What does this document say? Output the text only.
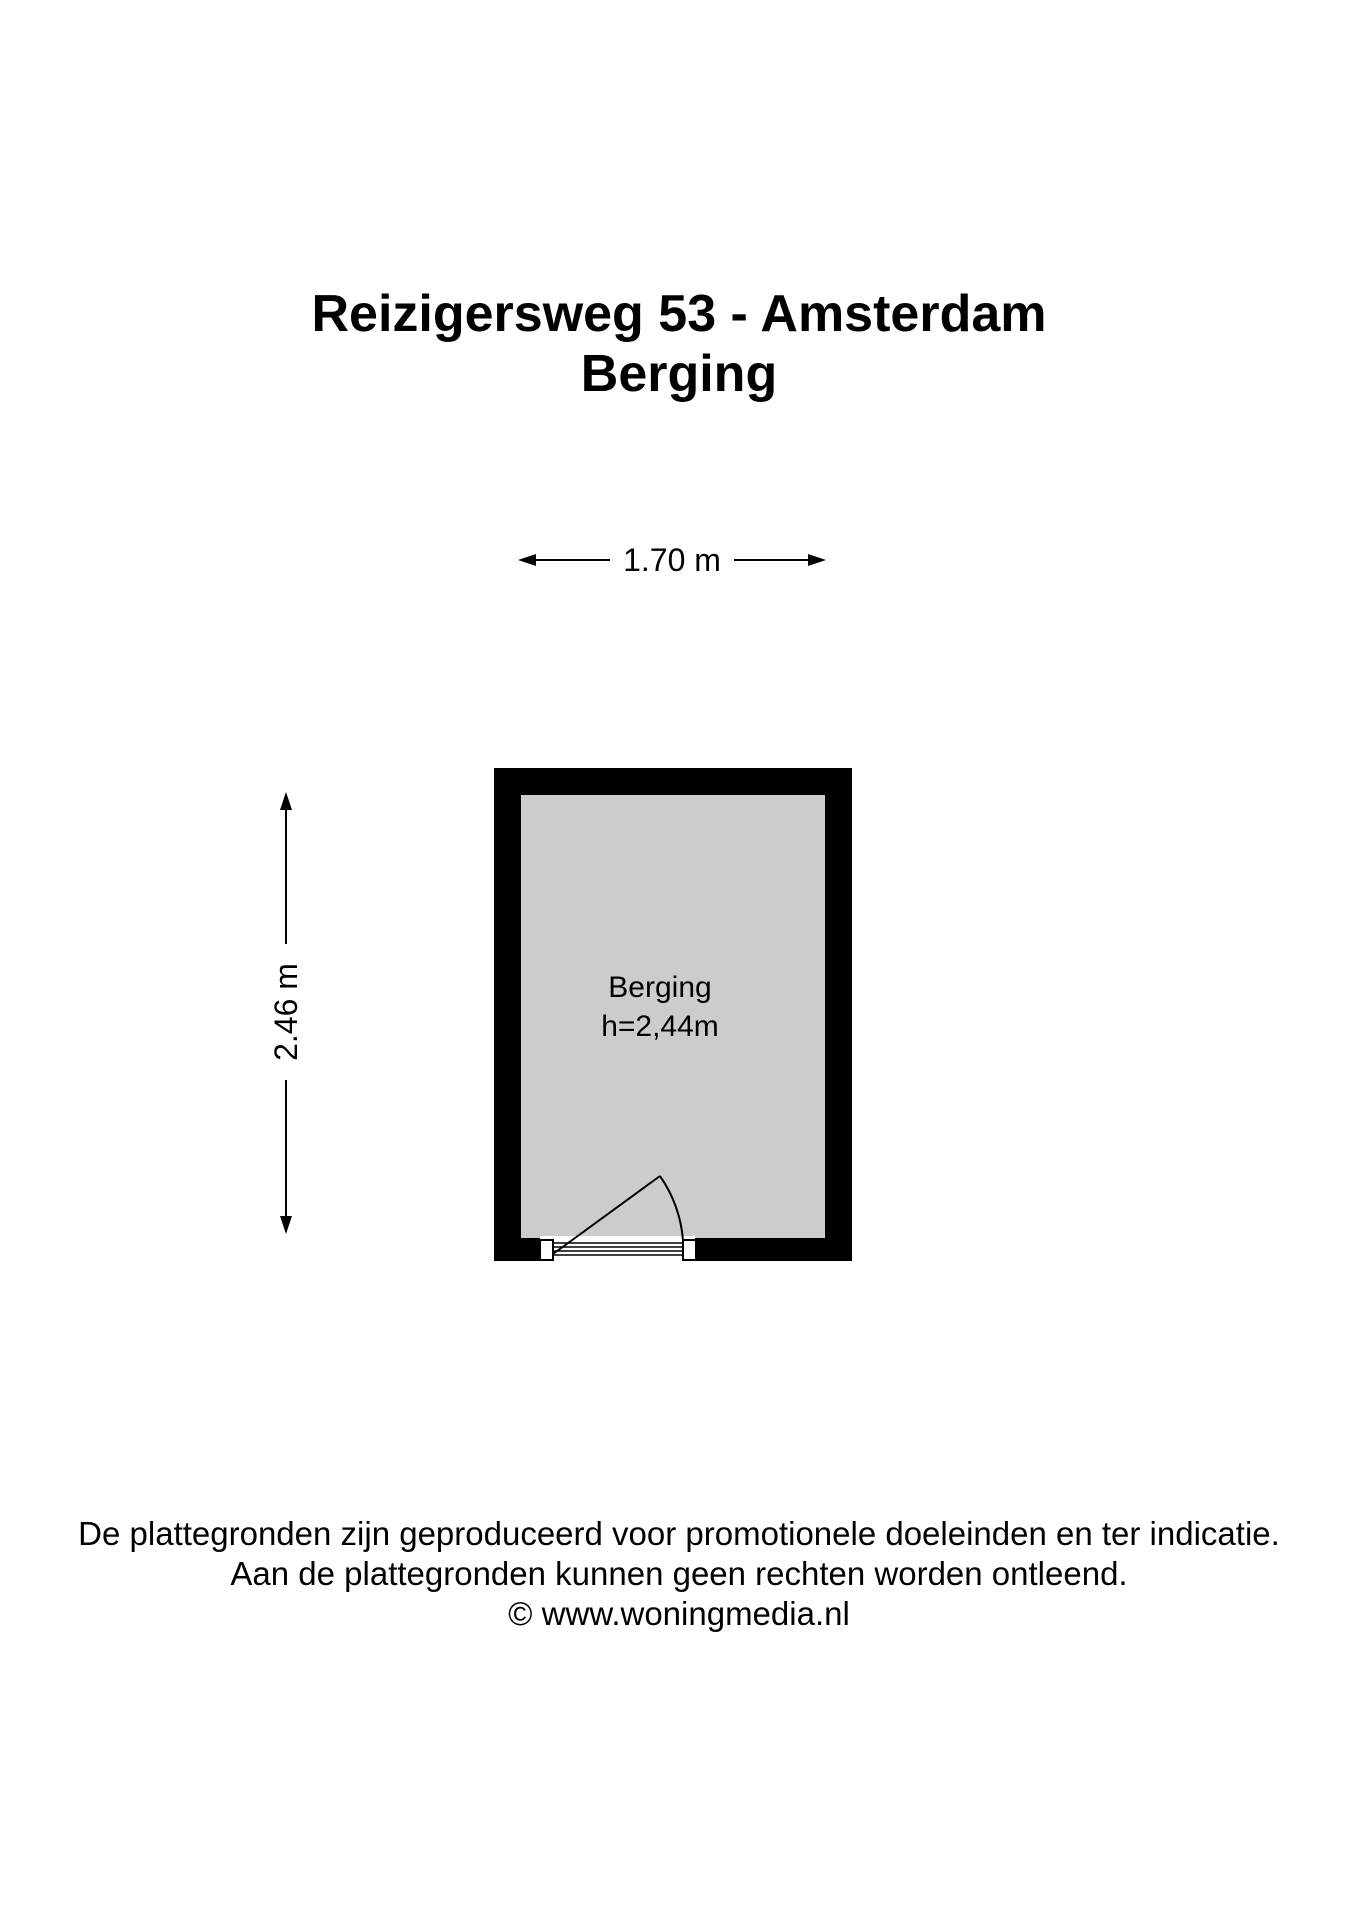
Reizigersweg 53 - Amsterdam
Berging
1.70 m
2.46 m	Berging
h=2,44m
De plattegronden zijn geproduceerd voor promotionele doeleinden en ter indicatie.
Aan de plattegronden kunnen geen rechten worden ontleend.
© www.woningmedia.nl
